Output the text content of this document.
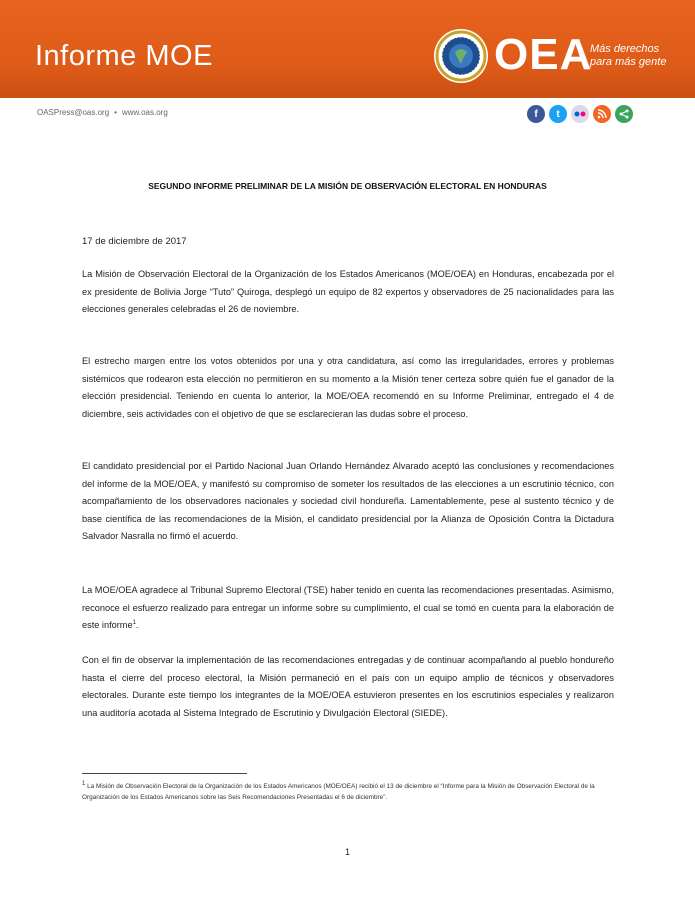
Informe MOE	OEA
Más derechos
para más gente
OASPress@oas.org • www.oas.org	f	t
SEGUNDO INFORME PRELIMINAR DE LA MISIÓN DE OBSERVACIÓN ELECTORAL EN HONDURAS
17 de diciembre de 2017
La Misión de Observación Electoral de la Organización de los Estados Americanos (MOE/OEA) en Honduras, encabezada por el ex presidente de Bolivia Jorge “Tuto” Quiroga, desplegó un equipo de 82 expertos y observadores de 25 nacionalidades para las elecciones generales celebradas el 26 de noviembre.
El estrecho margen entre los votos obtenidos por una y otra candidatura, así como las irregularidades, errores y problemas sistémicos que rodearon esta elección no permitieron en su momento a la Misión tener certeza sobre quién fue el ganador de la elección presidencial. Teniendo en cuenta lo anterior, la MOE/OEA recomendó en su Informe Preliminar, entregado el 4 de diciembre, seis actividades con el objetivo de que se esclarecieran las dudas sobre el proceso.
El candidato presidencial por el Partido Nacional Juan Orlando Hernández Alvarado aceptó las conclusiones y recomendaciones del informe de la MOE/OEA, y manifestó su compromiso de someter los resultados de las elecciones a un escrutinio técnico, con acompañamiento de los observadores nacionales y sociedad civil hondureña. Lamentablemente, pese al sustento técnico y de base científica de las recomendaciones de la Misión, el candidato presidencial por la Alianza de Oposición Contra la Dictadura Salvador Nasralla no firmó el acuerdo.
La MOE/OEA agradece al Tribunal Supremo Electoral (TSE) haber tenido en cuenta las recomendaciones presentadas. Asimismo, reconoce el esfuerzo realizado para entregar un informe sobre su cumplimiento, el cual se tomó en cuenta para la elaboración de este informe$^1$.
Con el fin de observar la implementación de las recomendaciones entregadas y de continuar acompañando al pueblo hondureño hasta el cierre del proceso electoral, la Misión permaneció en el país con un equipo amplio de técnicos y observadores electorales. Durante este tiempo los integrantes de la MOE/OEA estuvieron presentes en los escrutinios especiales y realizaron una auditoría acotada al Sistema Integrado de Escrutinio y Divulgación Electoral (SIEDE).
$^1$ La Misión de Observación Electoral de la Organización de los Estados Americanos (MOE/OEA) recibió el 13 de diciembre el “Informe para la Misión de Observación Electoral de la Organización de los Estados Americanos sobre las Seis Recomendaciones Presentadas el 6 de diciembre”.
1
